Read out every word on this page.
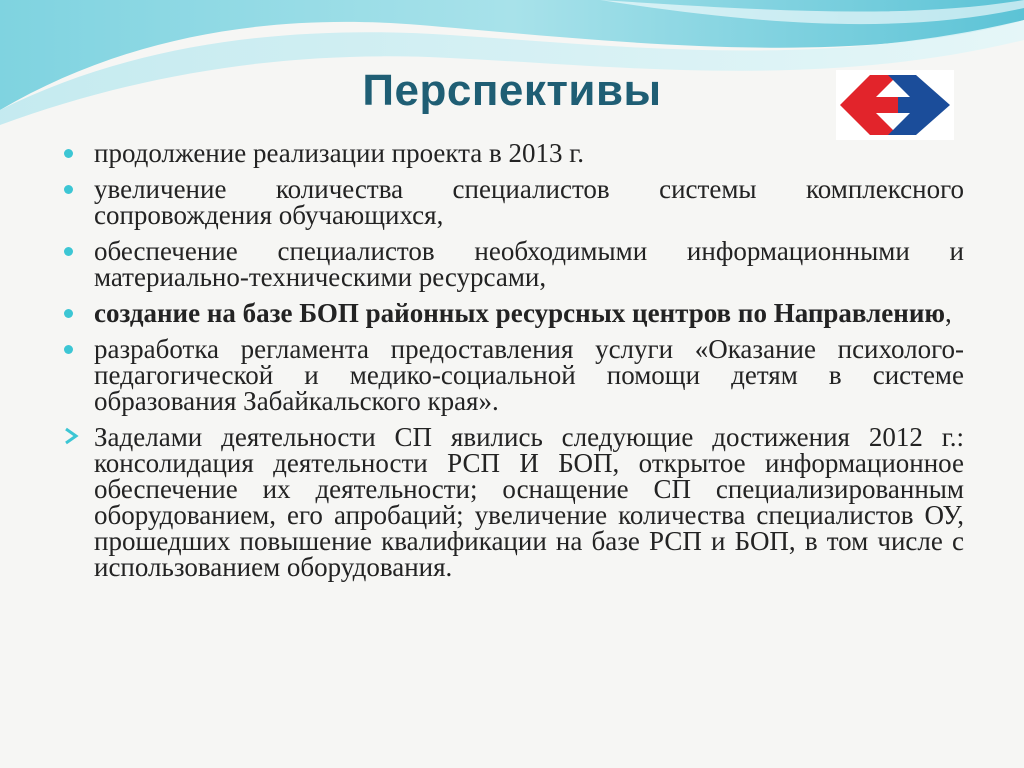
Перспективы
продолжение реализации проекта в 2013 г.
увеличение количества специалистов системы комплексного сопровождения обучающихся,
обеспечение специалистов необходимыми информационными и материально-техническими ресурсами,
создание на базе БОП районных ресурсных центров по Направлению,
разработка регламента предоставления услуги «Оказание психолого-педагогической и медико-социальной помощи детям в системе образования Забайкальского края».
Заделами деятельности СП явились следующие достижения 2012 г.: консолидация деятельности РСП И БОП, открытое информационное обеспечение их деятельности; оснащение СП специализированным оборудованием, его апробаций; увеличение количества специалистов ОУ, прошедших повышение квалификации на базе РСП и БОП, в том числе с использованием оборудования.
